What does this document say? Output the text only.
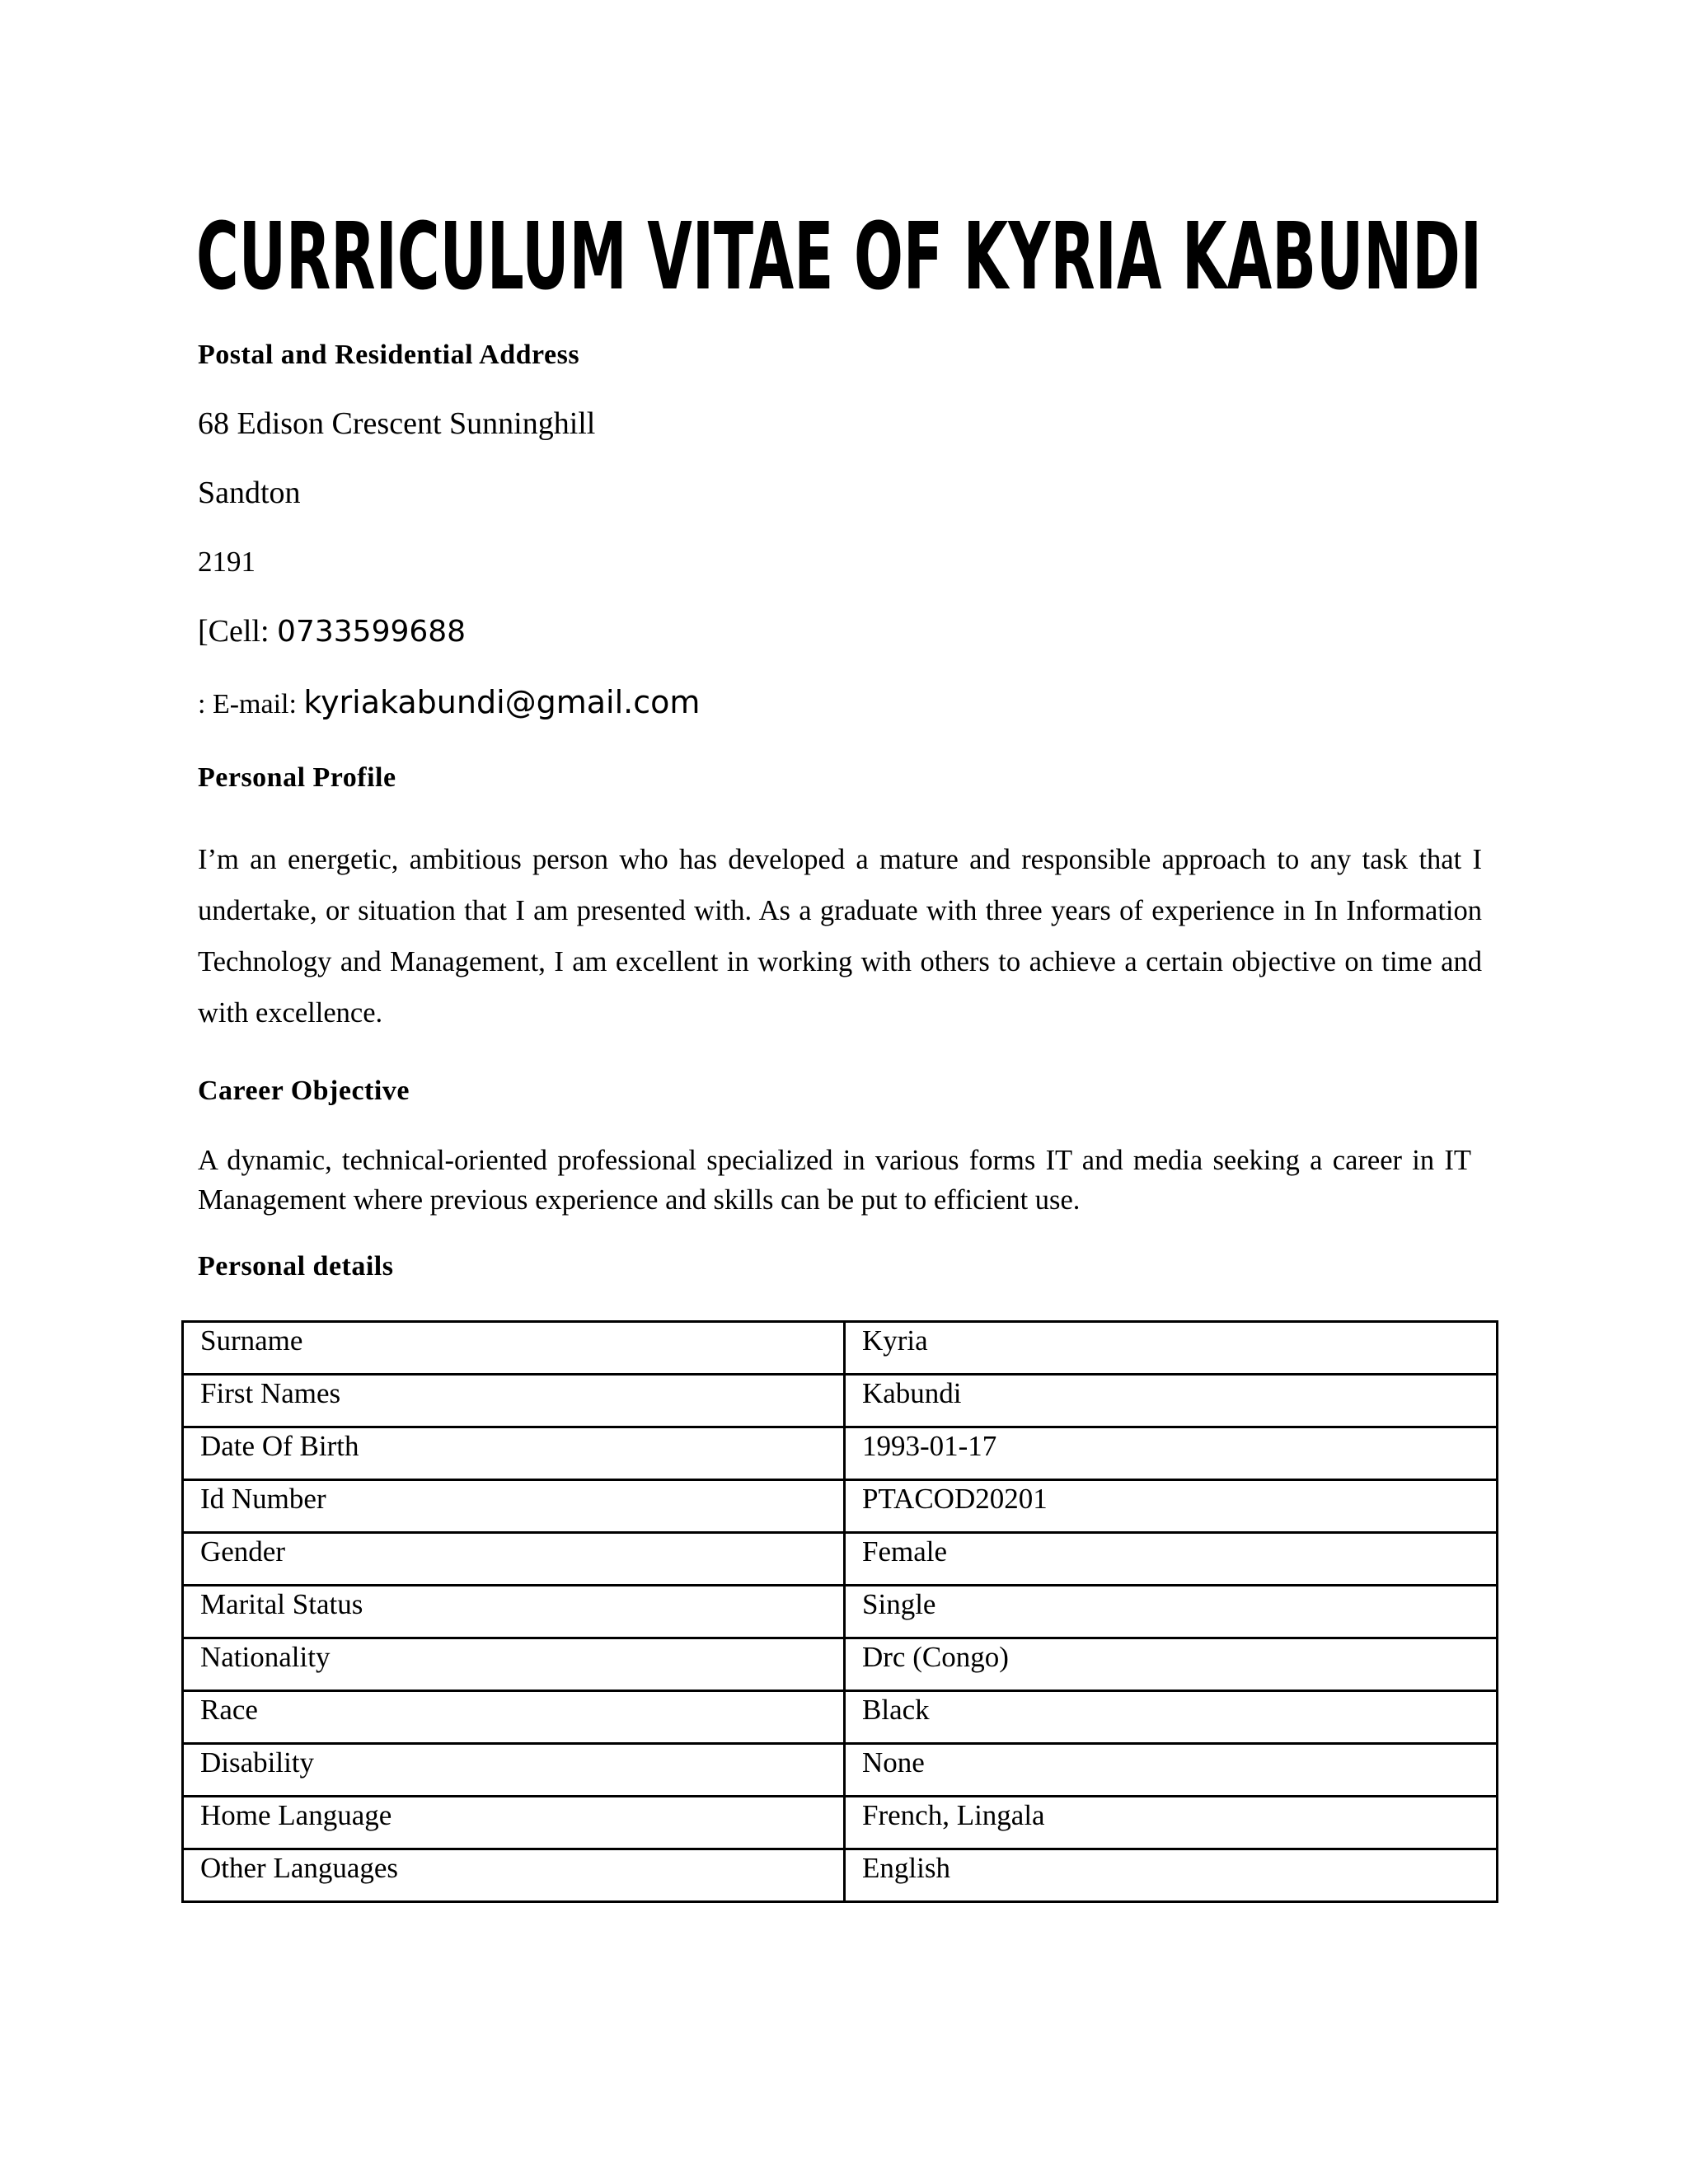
CURRICULUM VITAE OF KYRIA KABUNDI
Postal and Residential Address
68 Edison Crescent Sunninghill
Sandton
2191
[Cell: 0733599688
: E-mail: kyriakabundi@gmail.com
Personal Profile
I’m an energetic, ambitious person who has developed a mature and responsible approach to any task that I undertake, or situation that I am presented with. As a graduate with three years of experience in In Information Technology and Management, I am excellent in working with others to achieve a certain objective on time and with excellence.
Career Objective
A dynamic, technical-oriented professional specialized in various forms IT and media seeking a career in IT Management where previous experience and skills can be put to efficient use.
Personal details
Surname	Kyria
First Names	Kabundi
Date Of Birth	1993-01-17
Id Number	PTACOD20201
Gender	Female
Marital Status	Single
Nationality	Drc (Congo)
Race	Black
Disability	None
Home Language	French, Lingala
Other Languages	English
